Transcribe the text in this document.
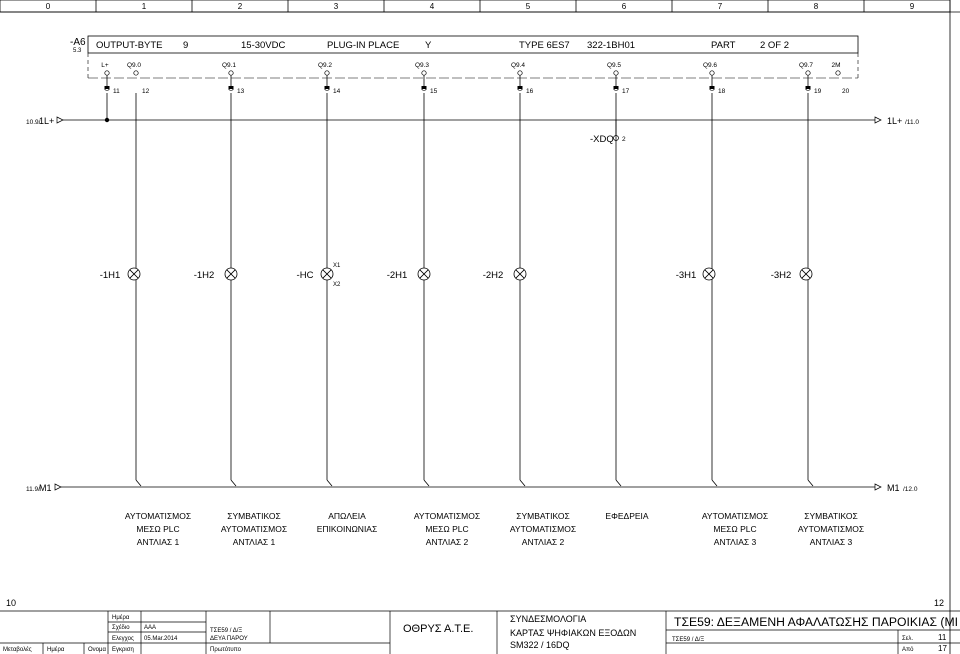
0	1	2	3	4	5	6	7	8	9
-A6
5.3 OUTPUT-BYTE 9	15-30VDC	PLUG-IN PLACE	Y	TYPE 6ES7 322-1BH01	PART	2 OF 2
L+	Q9.0	Q9.1	Q9.2	Q9.3	Q9.4	Q9.5	Q9.6	Q9.7	2M
11	12	13	14	15	16	17	18	19	20
10.9/
1L+	1L+ /11.0
-XDQ 2
11.9/ M1	M1 /12.0
-1H1	-1H2	-HC	-2H1	-2H2	-3H1	-3H2
X1
X2
ΑΥΤΟΜΑΤΙΣΜΟΣ
ΜΕΣΩ PLC
ΑΝΤΛΙΑΣ 1
ΣΥΜΒΑΤΙΚΟΣ
ΑΥΤΟΜΑΤΙΣΜΟΣ
ΑΝΤΛΙΑΣ 1
ΑΠΩΛΕΙΑ
ΕΠΙΚΟΙΝΩΝΙΑΣ
ΑΥΤΟΜΑΤΙΣΜΟΣ
ΜΕΣΩ PLC
ΑΝΤΛΙΑΣ 2
ΣΥΜΒΑΤΙΚΟΣ
ΑΥΤΟΜΑΤΙΣΜΟΣ
ΑΝΤΛΙΑΣ 2
ΕΦΕΔΡΕΙΑ	ΑΥΤΟΜΑΤΙΣΜΟΣ
ΜΕΣΩ PLC
ΑΝΤΛΙΑΣ 3
ΣΥΜΒΑΤΙΚΟΣ
ΑΥΤΟΜΑΤΙΣΜΟΣ
ΑΝΤΛΙΑΣ 3
10	12
Ημέρα
Σχέδιο AAA
Ελεγχος 05.Mar.2014
Εγκριση
Μεταβολές	Ημέρα	Ονομα
ΤΣΕ59 / Δ/Ξ
ΔΕΥΑ ΠΑΡΟΥ
Πρωτότυπο
ΟΘΡΥΣ Α.Τ.Ε.
ΣΥΝΔΕΣΜΟΛΟΓΙΑ
ΚΑΡΤΑΣ ΨΗΦΙΑΚΩΝ ΕΞΟΔΩΝ
SM322 / 16DQ
ΤΣΕ59: ΔΕΞΑΜΕΝΗ ΑΦΑΛΑΤΩΣΗΣ ΠΑΡΟΙΚΙΑΣ (ΜΙ
ΤΣΕ59 / Δ/Ξ	Σελ.	11
Από	17
